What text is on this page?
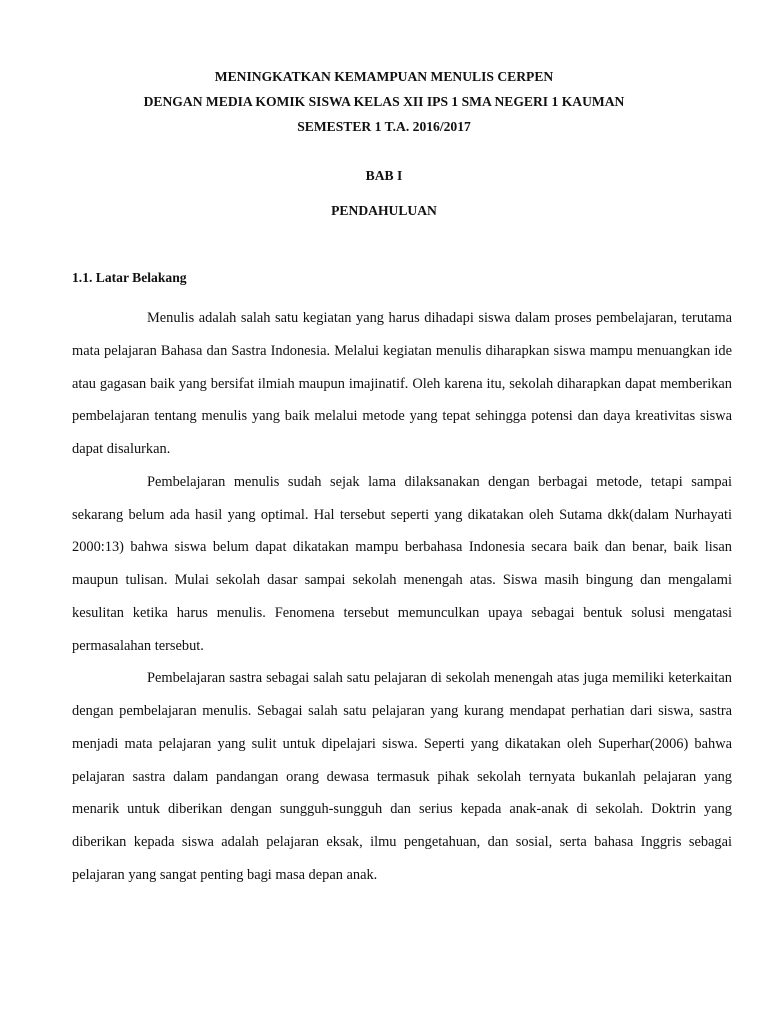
MENINGKATKAN KEMAMPUAN MENULIS CERPEN
DENGAN MEDIA KOMIK SISWA KELAS XII IPS 1 SMA NEGERI 1 KAUMAN
SEMESTER 1 T.A. 2016/2017
BAB I
PENDAHULUAN
1.1. Latar Belakang

Menulis adalah salah satu kegiatan yang harus dihadapi siswa dalam proses pembelajaran, terutama mata pelajaran Bahasa dan Sastra Indonesia. Melalui kegiatan menulis diharapkan siswa mampu menuangkan ide atau gagasan baik yang bersifat ilmiah maupun imajinatif. Oleh karena itu, sekolah diharapkan dapat memberikan pembelajaran tentang menulis yang baik melalui metode yang tepat sehingga potensi dan daya kreativitas siswa dapat disalurkan.

Pembelajaran menulis sudah sejak lama dilaksanakan dengan berbagai metode, tetapi sampai sekarang belum ada hasil yang optimal. Hal tersebut seperti yang dikatakan oleh Sutama dkk(dalam Nurhayati 2000:13) bahwa siswa belum dapat dikatakan mampu berbahasa Indonesia secara baik dan benar, baik lisan maupun tulisan. Mulai sekolah dasar sampai sekolah menengah atas. Siswa masih bingung dan mengalami kesulitan ketika harus menulis. Fenomena tersebut memunculkan upaya sebagai bentuk solusi mengatasi permasalahan tersebut.

Pembelajaran sastra sebagai salah satu pelajaran di sekolah menengah atas juga memiliki keterkaitan dengan pembelajaran menulis. Sebagai salah satu pelajaran yang kurang mendapat perhatian dari siswa, sastra menjadi mata pelajaran yang sulit untuk dipelajari siswa. Seperti yang dikatakan oleh Superhar(2006) bahwa pelajaran sastra dalam pandangan orang dewasa termasuk pihak sekolah ternyata bukanlah pelajaran yang menarik untuk diberikan dengan sungguh-sungguh dan serius kepada anak-anak di sekolah. Doktrin yang diberikan kepada siswa adalah pelajaran eksak, ilmu pengetahuan, dan sosial, serta bahasa Inggris sebagai pelajaran yang sangat penting bagi masa depan anak.
